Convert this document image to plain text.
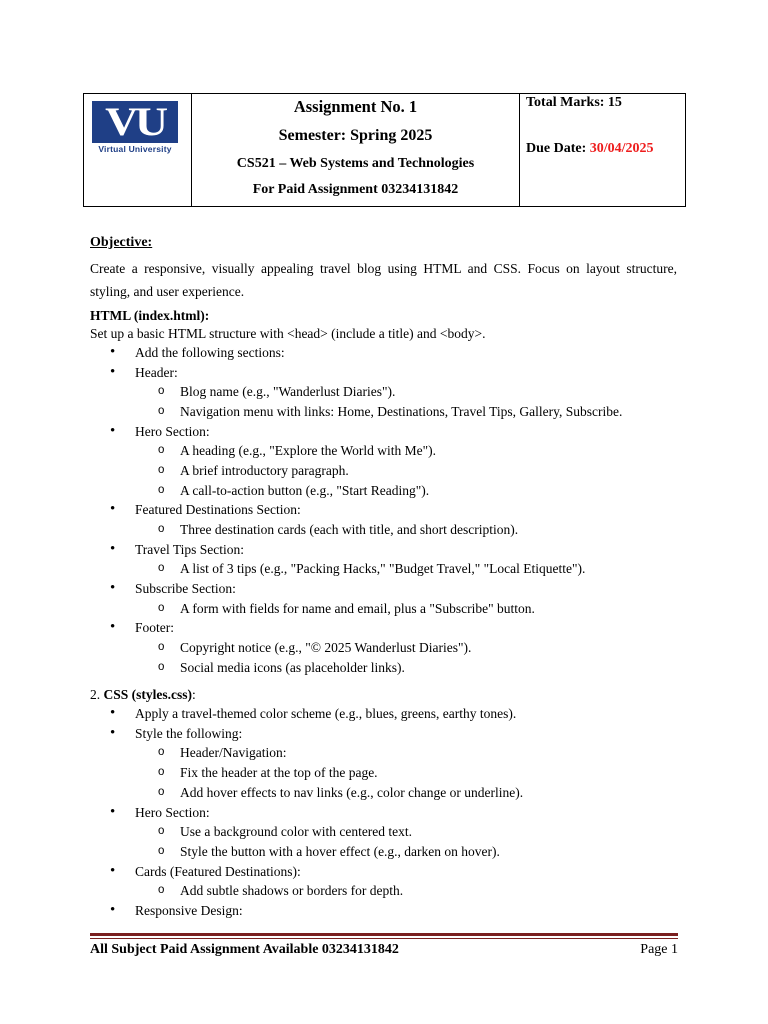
VU
Virtual University
Assignment No. 1
Semester: Spring 2025
CS521 – Web Systems and Technologies
For Paid Assignment 03234131842
Total Marks: 15
Due Date: 30/04/2025
Objective:
Create a responsive, visually appealing travel blog using HTML and CSS. Focus on layout structure, styling, and user experience.
HTML (index.html):
Set up a basic HTML structure with <head> (include a title) and <body>.
• Add the following sections:
• Header:
o Blog name (e.g., "Wanderlust Diaries").
o Navigation menu with links: Home, Destinations, Travel Tips, Gallery, Subscribe.
• Hero Section:
o A heading (e.g., "Explore the World with Me").
o A brief introductory paragraph.
o A call-to-action button (e.g., "Start Reading").
• Featured Destinations Section:
o Three destination cards (each with title, and short description).
• Travel Tips Section:
o A list of 3 tips (e.g., "Packing Hacks," "Budget Travel," "Local Etiquette").
• Subscribe Section:
o A form with fields for name and email, plus a "Subscribe" button.
• Footer:
o Copyright notice (e.g., "© 2025 Wanderlust Diaries").
o Social media icons (as placeholder links).
2. CSS (styles.css):
• Apply a travel-themed color scheme (e.g., blues, greens, earthy tones).
• Style the following:
o Header/Navigation:
o Fix the header at the top of the page.
o Add hover effects to nav links (e.g., color change or underline).
• Hero Section:
o Use a background color with centered text.
o Style the button with a hover effect (e.g., darken on hover).
• Cards (Featured Destinations):
o Add subtle shadows or borders for depth.
• Responsive Design:
All Subject Paid Assignment Available 03234131842	Page 1
